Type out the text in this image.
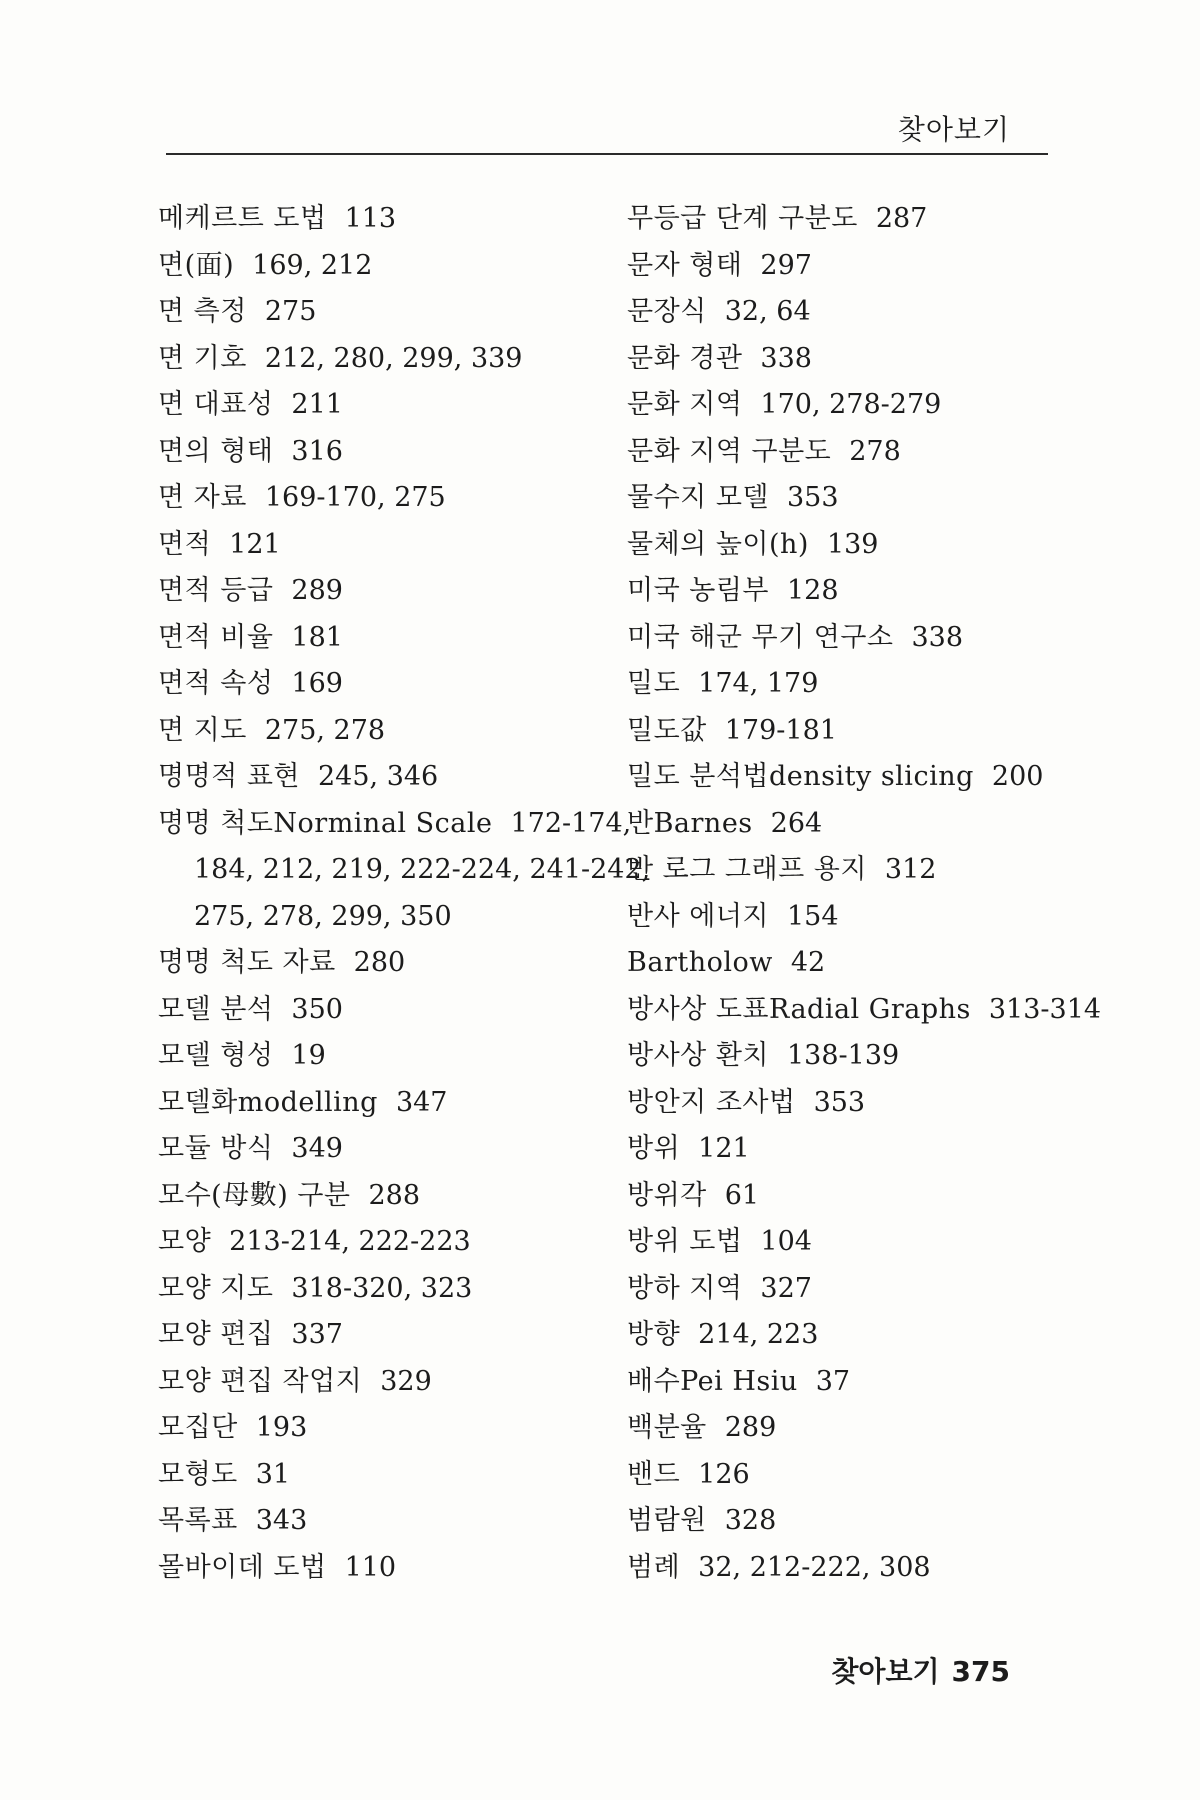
찾아보기
메케르트 도법 113
면(面) 169, 212
면 측정 275
면 기호 212, 280, 299, 339
면 대표성 211
면의 형태 316
면 자료 169-170, 275
면적 121
면적 등급 289
면적 비율 181
면적 속성 169
면 지도 275, 278
명명적 표현 245, 346
명명 척도Norminal Scale 172-174,
184, 212, 219, 222-224, 241-242,
275, 278, 299, 350
명명 척도 자료 280
모델 분석 350
모델 형성 19
모델화modelling 347
모듈 방식 349
모수(母數) 구분 288
모양 213-214, 222-223
모양 지도 318-320, 323
모양 편집 337
모양 편집 작업지 329
모집단 193
모형도 31
목록표 343
몰바이데 도법 110
무등급 단계 구분도 287
문자 형태 297
문장식 32, 64
문화 경관 338
문화 지역 170, 278-279
문화 지역 구분도 278
물수지 모델 353
물체의 높이(h) 139
미국 농림부 128
미국 해군 무기 연구소 338
밀도 174, 179
밀도값 179-181
밀도 분석법density slicing 200
반Barnes 264
반 로그 그래프 용지 312
반사 에너지 154
Bartholow 42
방사상 도표Radial Graphs 313-314
방사상 환치 138-139
방안지 조사법 353
방위 121
방위각 61
방위 도법 104
방하 지역 327
방향 214, 223
배수Pei Hsiu 37
백분율 289
밴드 126
범람원 328
범례 32, 212-222, 308
찾아보기 375
